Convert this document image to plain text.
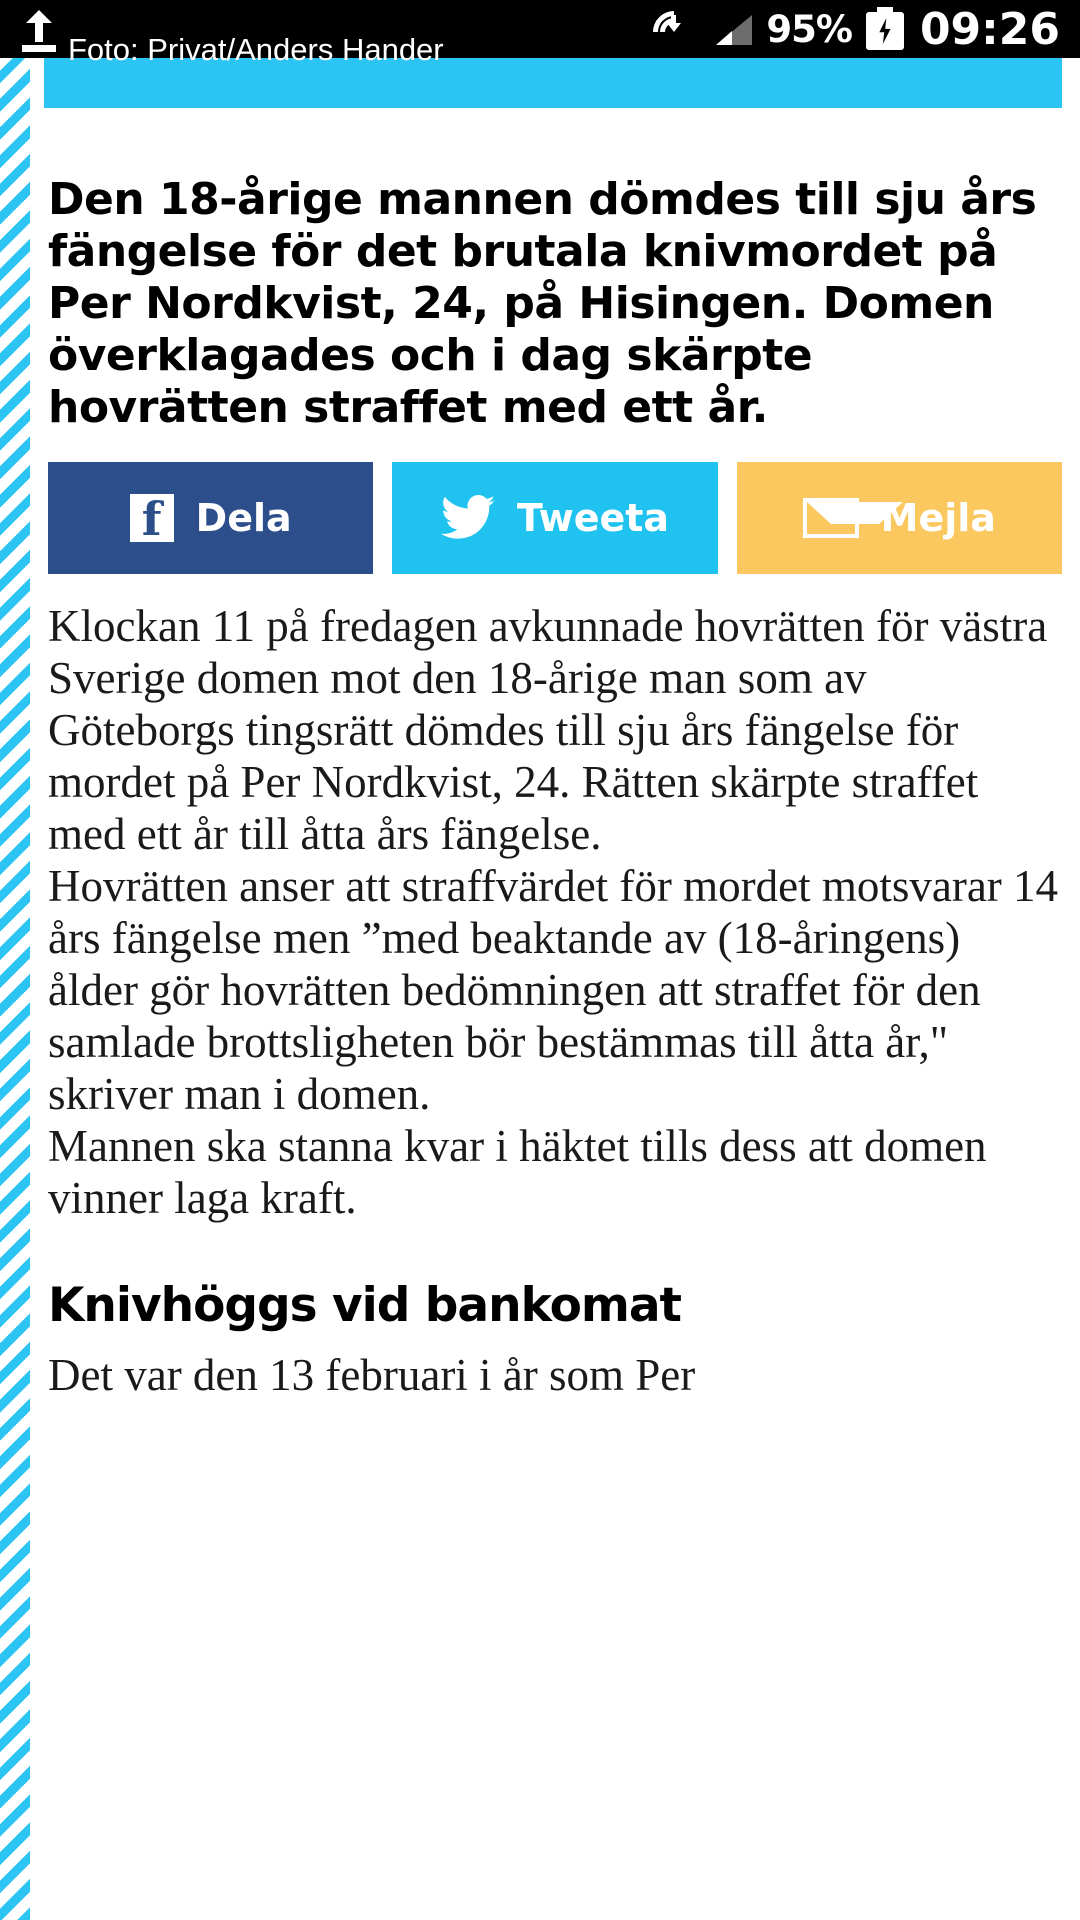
95% 09:26
Foto: Privat/Anders Hander
Den 18-årige mannen dömdes till sju års fängelse för det brutala knivmordet på Per Nordkvist, 24, på Hisingen. Domen överklagades och i dag skärpte hovrätten straffet med ett år.
f Dela	Tweeta	Mejla

Klockan 11 på fredagen avkunnade hovrätten för västra Sverige domen mot den 18-årige man som av Göteborgs tingsrätt dömdes till sju års fängelse för mordet på Per Nordkvist, 24. Rätten skärpte straffet med ett år till åtta års fängelse.

Hovrätten anser att straffvärdet för mordet motsvarar 14 års fängelse men ”med beaktande av (18-åringens) ålder gör hovrätten bedömningen att straffet för den samlade brottsligheten bör bestämmas till åtta år," skriver man i domen.

Mannen ska stanna kvar i häktet tills dess att domen vinner laga kraft.

Knivhöggs vid bankomat

Det var den 13 februari i år som Per
